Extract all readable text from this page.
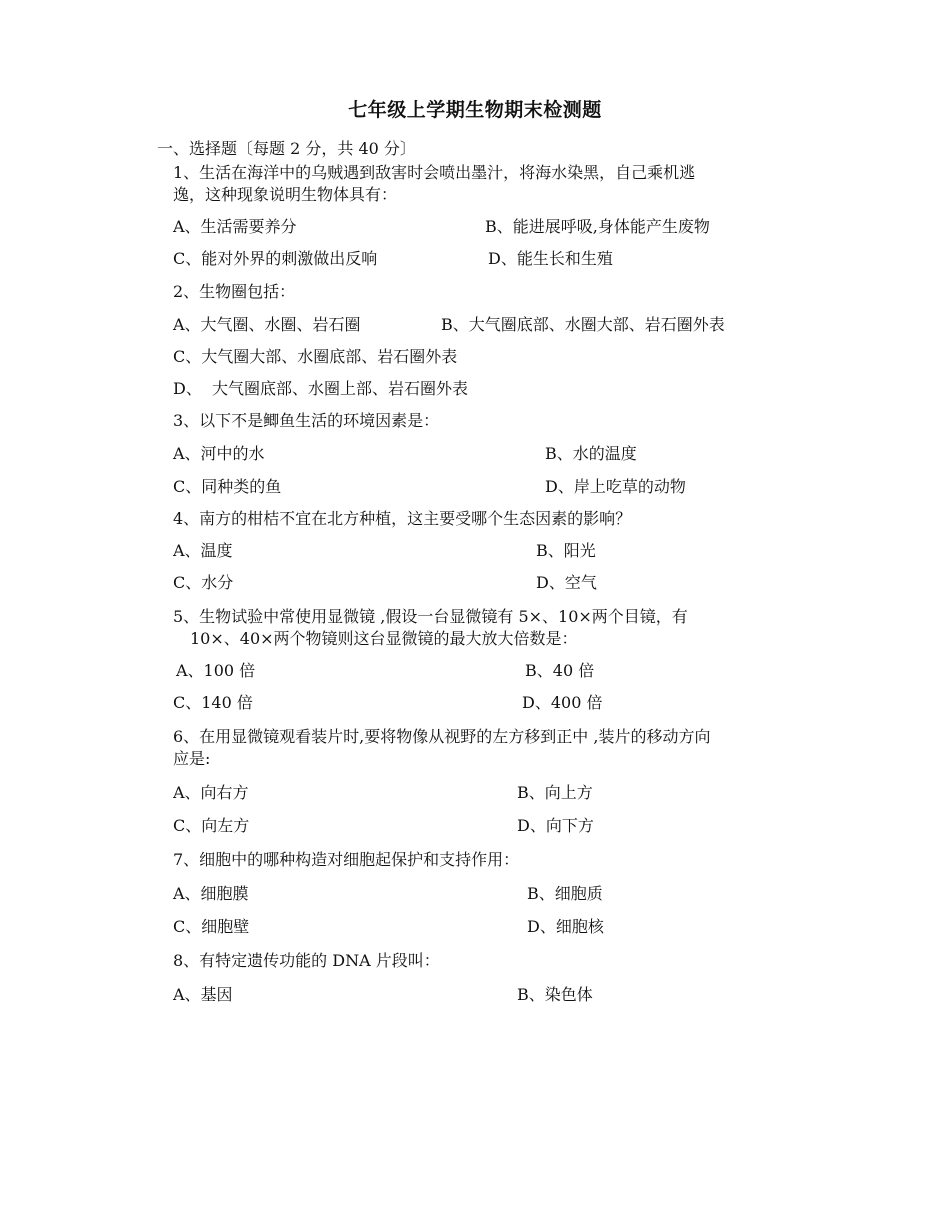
七年级上学期生物期末检测题
一、选择题〔每题 2 分，共 40 分〕
1、生活在海洋中的乌贼遇到敌害时会喷出墨汁，将海水染黑，自己乘机逃
逸，这种现象说明生物体具有：
A、生活需要养分	B、能进展呼吸,身体能产生废物
C、能对外界的刺激做出反响	D、能生长和生殖
2、生物圈包括：
A、大气圈、水圈、岩石圈	B、大气圈底部、水圈大部、岩石圈外表
C、大气圈大部、水圈底部、岩石圈外表
D、  大气圈底部、水圈上部、岩石圈外表
3、以下不是鲫鱼生活的环境因素是：
A、河中的水	B、水的温度
C、同种类的鱼	D、岸上吃草的动物
4、南方的柑桔不宜在北方种植，这主要受哪个生态因素的影响？
A、温度	B、阳光
C、水分	D、空气
5、生物试验中常使用显微镜 ,假设一台显微镜有 5×、10×两个目镜，有
10×、40×两个物镜则这台显微镜的最大放大倍数是：
A、100 倍	B、40 倍
C、140 倍	D、400 倍
6、在用显微镜观看装片时,要将物像从视野的左方移到正中 ,装片的移动方向
应是:
A、向右方	B、向上方
C、向左方	D、向下方
7、细胞中的哪种构造对细胞起保护和支持作用：
A、细胞膜	B、细胞质
C、细胞壁	D、细胞核
8、有特定遗传功能的 DNA 片段叫：
A、基因	B、染色体
